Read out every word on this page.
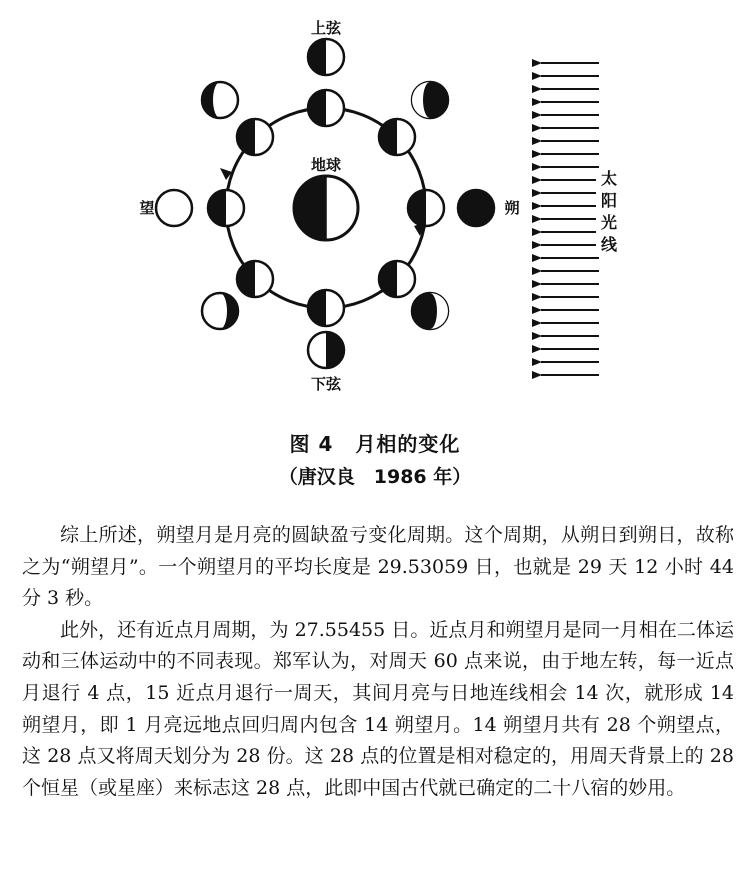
上弦
下弦
地球
望	朔
太
阳
光
线
图 4 月相的变化
（唐汉良　1986 年）

综上所述，朔望月是月亮的圆缺盈亏变化周期。这个周期，从朔日到朔日，故称之为“朔望月”。一个朔望月的平均长度是 29.53059 日，也就是 29 天 12 小时 44 分 3 秒。

此外，还有近点月周期，为 27.55455 日。近点月和朔望月是同一月相在二体运动和三体运动中的不同表现。郑军认为，对周天 60 点来说，由于地左转，每一近点月退行 4 点，15 近点月退行一周天，其间月亮与日地连线相会 14 次，就形成 14 朔望月，即 1 月亮远地点回归周内包含 14 朔望月。14 朔望月共有 28 个朔望点，这 28 点又将周天划分为 28 份。这 28 点的位置是相对稳定的，用周天背景上的 28 个恒星（或星座）来标志这 28 点，此即中国古代就已确定的二十八宿的妙用。
